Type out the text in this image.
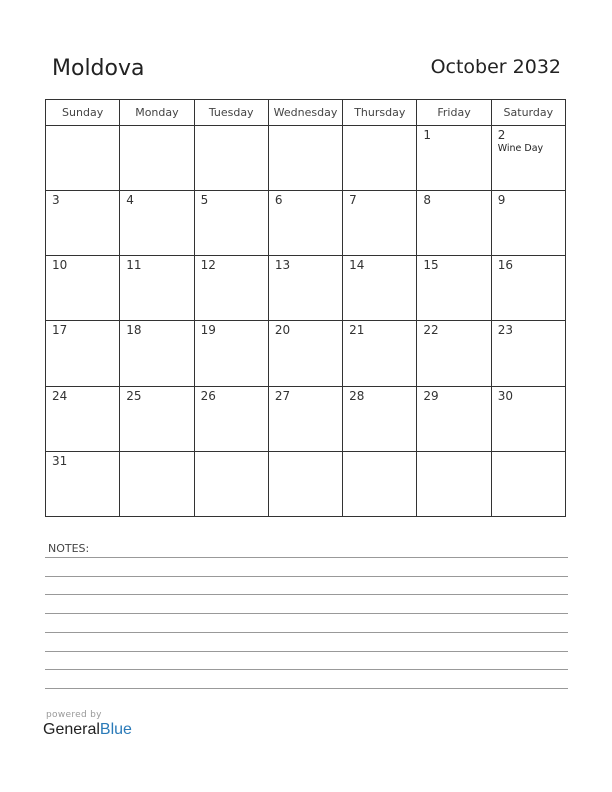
Moldova	October 2032
Sunday	Monday	Tuesday	Wednesday	Thursday	Friday	Saturday

					1	2
Wine Day

3	4	5	6	7	8	9

10	11	12	13	14	15	16

17	18	19	20	21	22	23

24	25	26	27	28	29	30

31						

NOTES:
powered by
GeneralBlue
